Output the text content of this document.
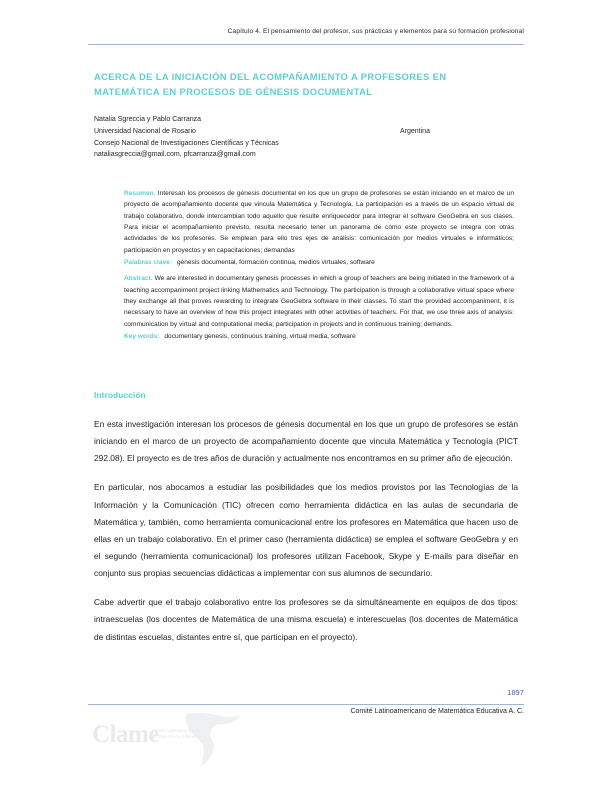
Capítulo 4. El pensamiento del profesor, sus prácticas y elementos para su formación profesional
ACERCA DE LA INICIACIÓN DEL ACOMPAÑAMIENTO A PROFESORES EN MATEMÁTICA EN PROCESOS DE GÉNESIS DOCUMENTAL
Natalia Sgreccia y Pablo Carranza
Universidad Nacional de Rosario	Argentina
Consejo Nacional de Investigaciones Científicas y Técnicas
nataliasgreccia@gmail.com, pfcarranza@gmail.com

Resumen. Interesan los procesos de génesis documental en los que un grupo de profesores se están iniciando en el marco de un proyecto de acompañamiento docente que vincula Matemática y Tecnología. La participación es a través de un espacio virtual de trabajo colaborativo, donde intercambian todo aquello que resulte enriquecedor para integrar el software GeoGebra en sus clases. Para iniciar el acompañamiento previsto, resulta necesario tener un panorama de cómo este proyecto se integra con otras actividades de los profesores. Se emplean para ello tres ejes de análisis: comunicación por medios virtuales e informáticos; participación en proyectos y en capacitaciones; demandas

Palabras clave: génesis documental, formación continua, medios virtuales, software

Abstract. We are interested in documentary genesis processes in which a group of teachers are being initiated in the framework of a teaching accompaniment project linking Mathematics and Technology. The participation is through a collaborative virtual space where they exchange all that proves rewarding to integrate GeoGebra software in their classes. To start the provided accompaniment, it is necessary to have an overview of how this project integrates with other activities of teachers. For that, we use three axis of analysis: communication by virtual and computational media; participation in projects and in continuous training; demands.

Key words: documentary genesis, continuous training, virtual media, software

Introducción

En esta investigación interesan los procesos de génesis documental en los que un grupo de profesores se están iniciando en el marco de un proyecto de acompañamiento docente que vincula Matemática y Tecnología (PICT 292.08). El proyecto es de tres años de duración y actualmente nos encontramos en su primer año de ejecución.

En particular, nos abocamos a estudiar las posibilidades que los medios provistos por las Tecnologías de la Información y la Comunicación (TIC) ofrecen como herramienta didáctica en las aulas de secundaria de Matemática y, también, como herramienta comunicacional entre los profesores en Matemática que hacen uso de ellas en un trabajo colaborativo. En el primer caso (herramienta didáctica) se emplea el software GeoGebra y en el segundo (herramienta comunicacional) los profesores utilizan Facebook, Skype y E-mails para diseñar en conjunto sus propias secuencias didácticas a implementar con sus alumnos de secundario.

Cabe advertir que el trabajo colaborativo entre los profesores se da simultáneamente en equipos de dos tipos: intraescuelas (los docentes de Matemática de una misma escuela) e interescuelas (los docentes de Matemática de distintas escuelas, distantes entre sí, que participan en el proyecto).

1897
Comité Latinoamericano de Matemática Educativa A. C.
Clame
Comité Latinoamericano
de Matemática Educativa
